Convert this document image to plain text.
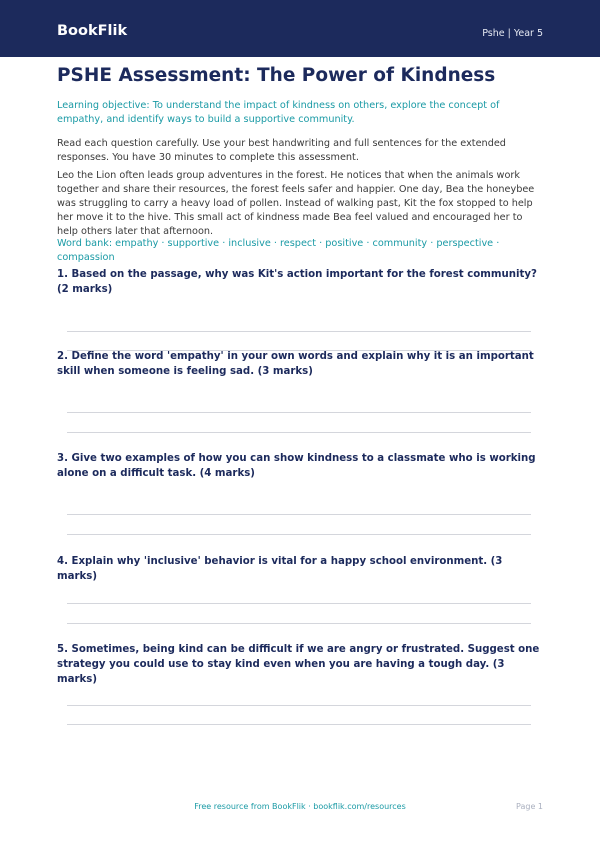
BookFlik	Pshe | Year 5
PSHE Assessment: The Power of Kindness

Learning objective: To understand the impact of kindness on others, explore the concept of empathy, and identify ways to build a supportive community.

Read each question carefully. Use your best handwriting and full sentences for the extended responses. You have 30 minutes to complete this assessment.

Leo the Lion often leads group adventures in the forest. He notices that when the animals work together and share their resources, the forest feels safer and happier. One day, Bea the honeybee was struggling to carry a heavy load of pollen. Instead of walking past, Kit the fox stopped to help her move it to the hive. This small act of kindness made Bea feel valued and encouraged her to help others later that afternoon.

Word bank: empathy · supportive · inclusive · respect · positive · community · perspective · compassion

1. Based on the passage, why was Kit's action important for the forest community? (2 marks)

2. Define the word 'empathy' in your own words and explain why it is an important skill when someone is feeling sad. (3 marks)

3. Give two examples of how you can show kindness to a classmate who is working alone on a difficult task. (4 marks)

4. Explain why 'inclusive' behavior is vital for a happy school environment. (3 marks)

5. Sometimes, being kind can be difficult if we are angry or frustrated. Suggest one strategy you could use to stay kind even when you are having a tough day. (3 marks)

Free resource from BookFlik · bookflik.com/resources	Page 1
